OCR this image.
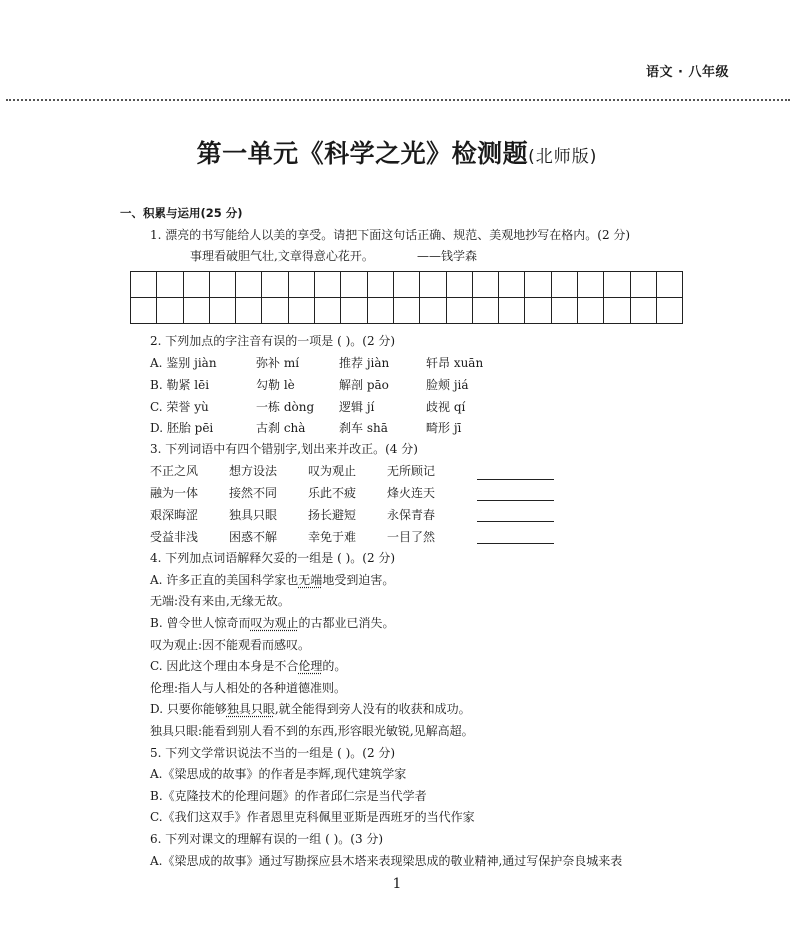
语文 · 八年级
第一单元《科学之光》检测题(北师版)
一、积累与运用(25 分)
1. 漂亮的书写能给人以美的享受。请把下面这句话正确、规范、美观地抄写在格内。(2 分)
事理看破胆气壮,文章得意心花开。	——钱学森

2. 下列加点的字注音有误的一项是 ( )。(2 分)
A. 鉴别 jiàn	弥补 mí	推荐 jiàn	轩昂 xuān
B. 勒紧 lēi	勾勒 lè	解剖 pāo	脸颊 jiá
C. 荣誉 yù	一栋 dòng 逻辑 jí	歧视 qí
D. 胚胎 pēi	古刹 chà	刹车 shā	畸形 jī
3. 下列词语中有四个错别字,划出来并改正。(4 分)
不正之风	想方设法	叹为观止	无所顾记
融为一体	接然不同	乐此不疲	烽火连天
艰深晦涩	独具只眼	扬长避短	永保青春
受益非浅	困惑不解	幸免于难	一目了然
4. 下列加点词语解释欠妥的一组是 ( )。(2 分)
A. 许多正直的美国科学家也无端地受到迫害。
无端:没有来由,无缘无故。
B. 曾令世人惊奇而叹为观止的古都业已消失。
叹为观止:因不能观看而感叹。
C. 因此这个理由本身是不合伦理的。
伦理:指人与人相处的各种道德准则。
D. 只要你能够独具只眼,就全能得到旁人没有的收获和成功。
独具只眼:能看到别人看不到的东西,形容眼光敏锐,见解高超。
5. 下列文学常识说法不当的一组是 ( )。(2 分)
A.《梁思成的故事》的作者是李辉,现代建筑学家
B.《克隆技术的伦理问题》的作者邱仁宗是当代学者
C.《我们这双手》作者恩里克科佩里亚斯是西班牙的当代作家
6. 下列对课文的理解有误的一组 ( )。(3 分)
A.《梁思成的故事》通过写勘探应县木塔来表现梁思成的敬业精神,通过写保护奈良城来表
1
